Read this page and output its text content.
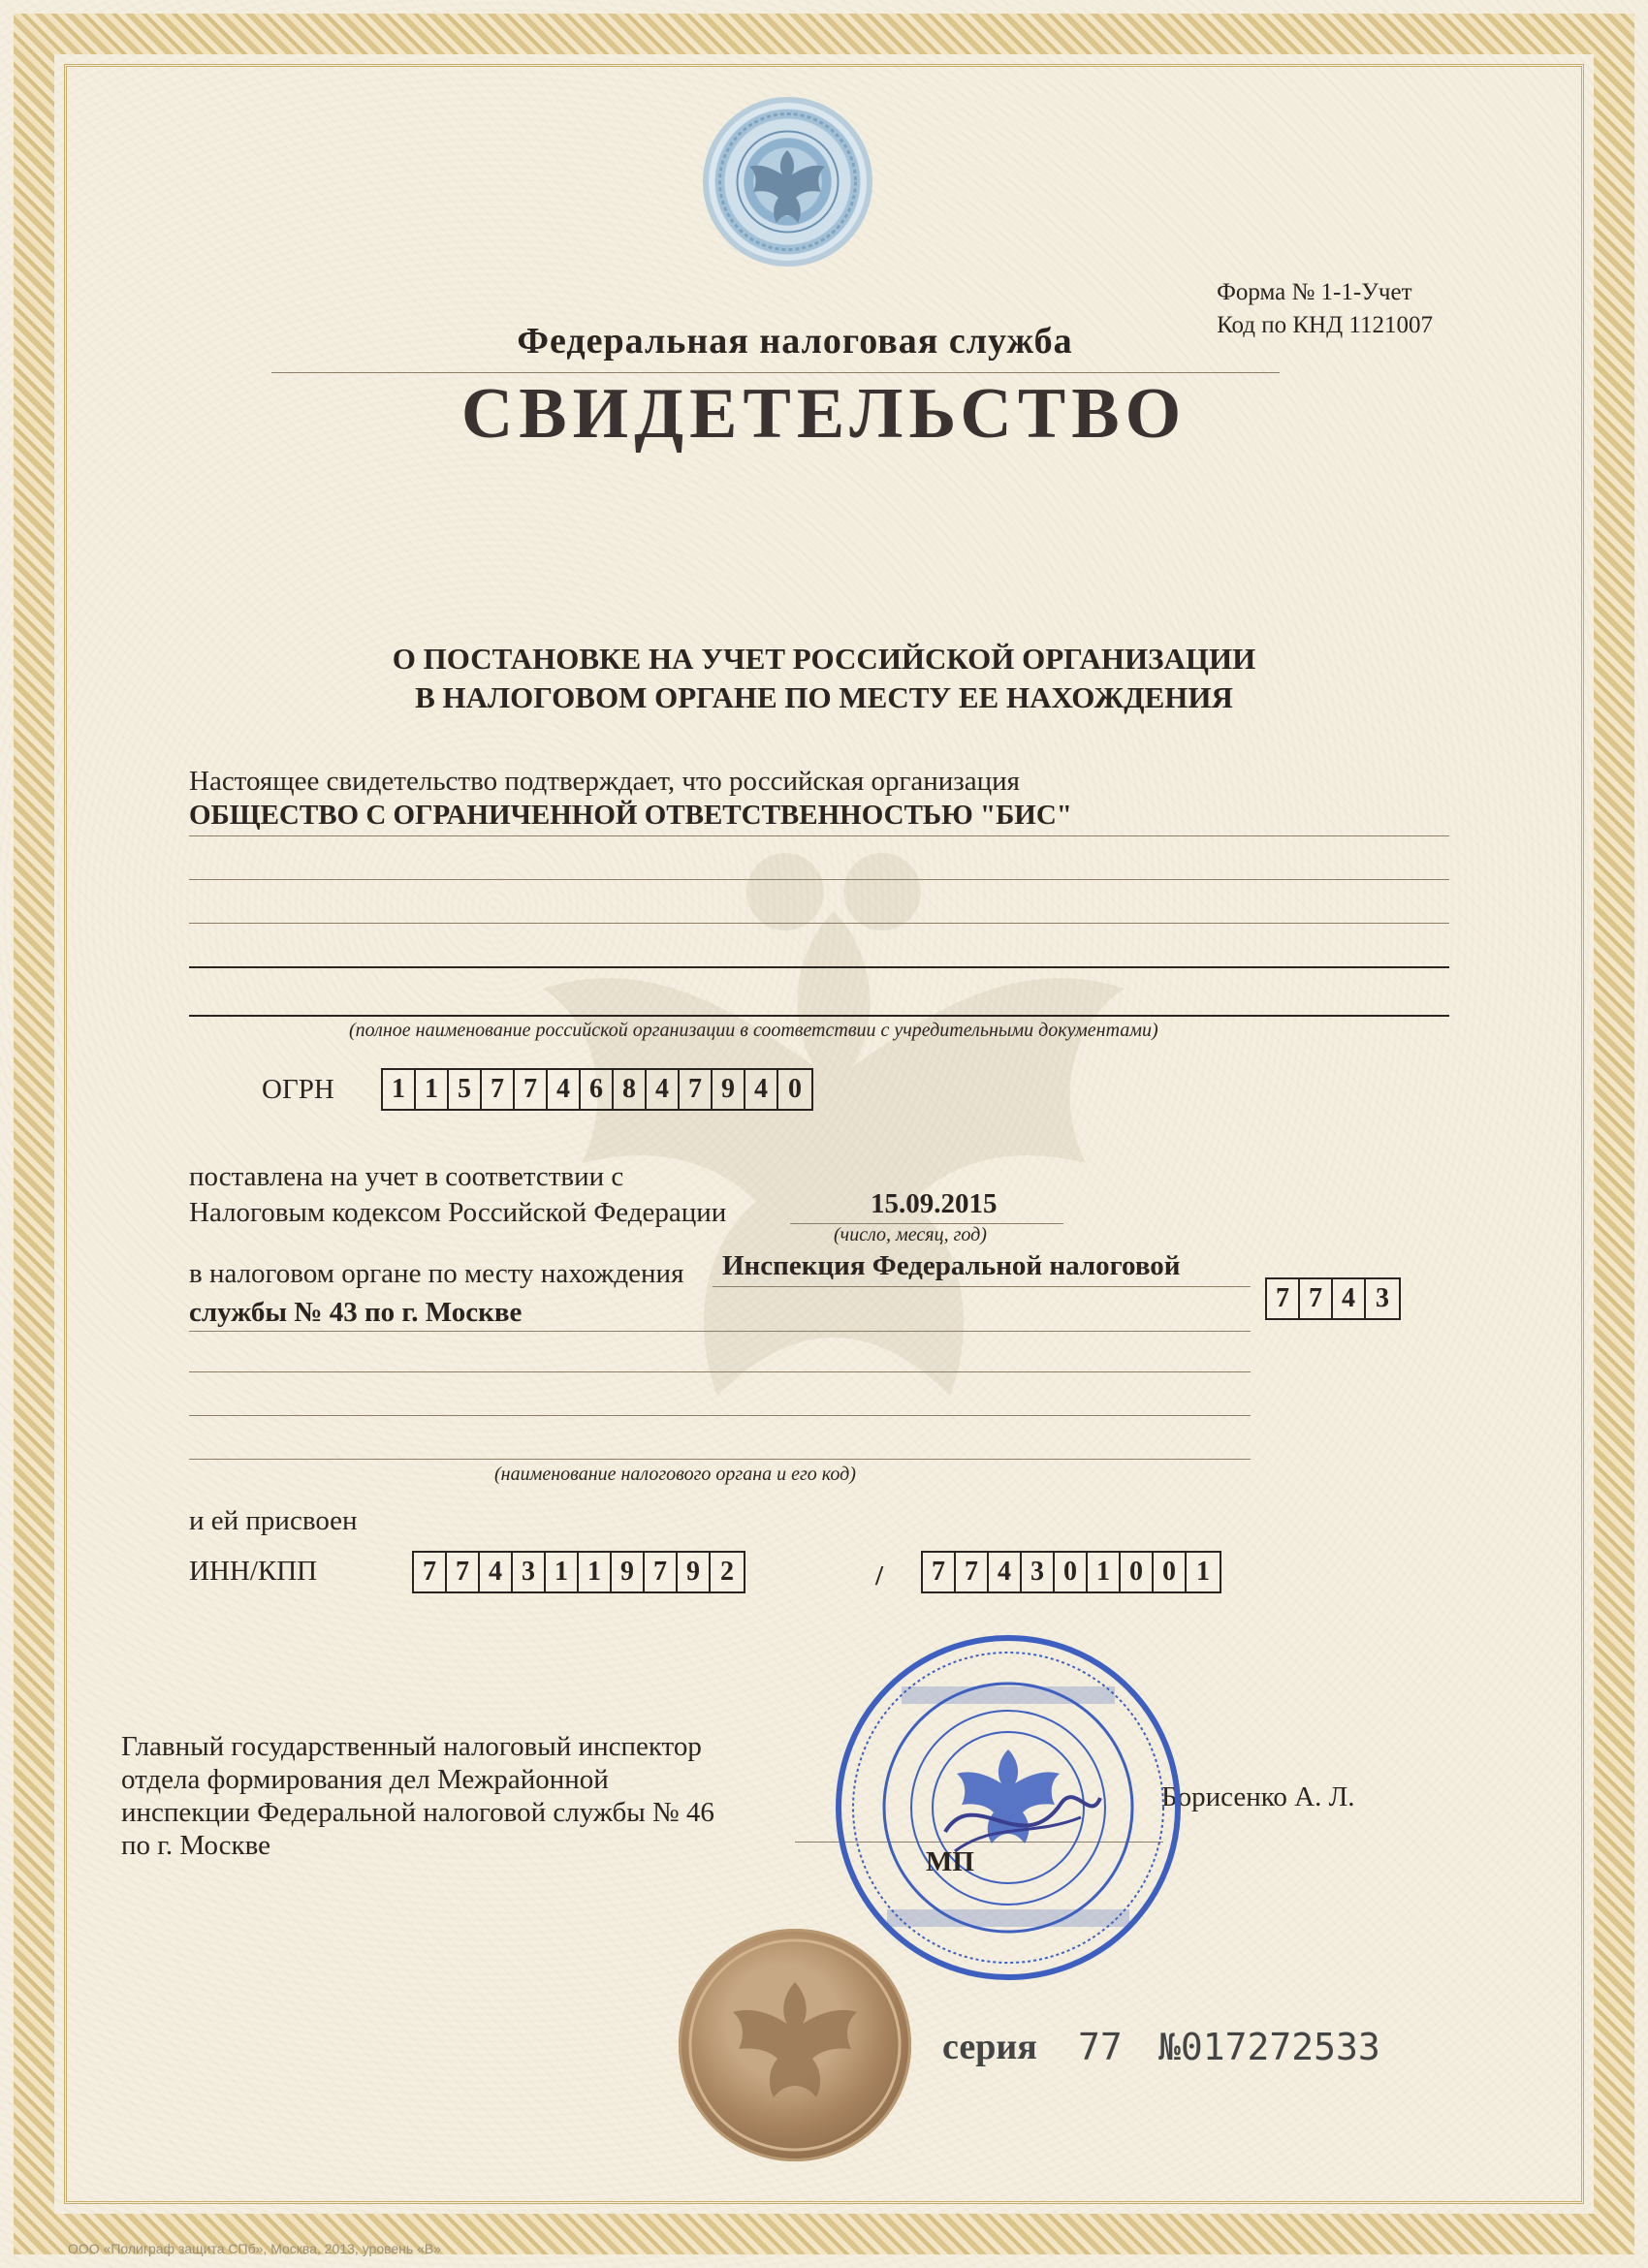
Форма № 1-1-Учет
Код по КНД 1121007
Федеральная налоговая служба
СВИДЕТЕЛЬСТВО
О ПОСТАНОВКЕ НА УЧЕТ РОССИЙСКОЙ ОРГАНИЗАЦИИ
В НАЛОГОВОМ ОРГАНЕ ПО МЕСТУ ЕЕ НАХОЖДЕНИЯ
Настоящее свидетельство подтверждает, что российская организация
ОБЩЕСТВО С ОГРАНИЧЕННОЙ ОТВЕТСТВЕННОСТЬЮ "БИС"
(полное наименование российской организации в соответствии с учредительными документами)
ОГРН	1 1 5 7 7 4 6 8 4 7 9 4 0
поставлена на учет в соответствии с
Налоговым кодексом Российской Федерации	15.09.2015
(число, месяц, год)
в налоговом органе по месту нахождения Инспекция Федеральной налоговой
службы № 43 по г. Москве	7 7 4 3
(наименование налогового органа и его код)
и ей присвоен
ИНН/КПП	7 7 4 3 1 1 9 7 9 2	/	7 7 4 3 0 1 0 0 1
Главный государственный налоговый инспектор
отдела формирования дел Межрайонной
инспекции Федеральной налоговой службы № 46
по г. Москве
Борисенко А. Л.
МП
серия 77 №017272533
ООО «Полиграф защита СПб», Москва, 2013, уровень «В»
